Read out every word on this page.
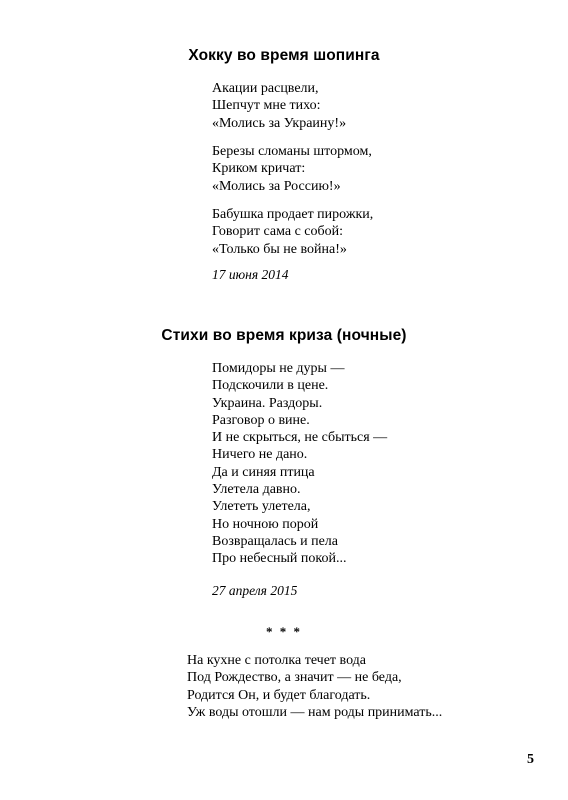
Хокку во время шопинга
Акации расцвели,
Шепчут мне тихо:
«Молись за Украину!»
Березы сломаны штормом,
Криком кричат:
«Молись за Россию!»
Бабушка продает пирожки,
Говорит сама с собой:
«Только бы не война!»
17 июня 2014
Стихи во время криза (ночные)
Помидоры не дуры —
Подскочили в цене.
Украина. Раздоры.
Разговор о вине.
И не скрыться, не сбыться —
Ничего не дано.
Да и синяя птица
Улетела давно.
Улететь улетела,
Но ночною порой
Возвращалась и пела
Про небесный покой...
27 апреля 2015
* * *
На кухне с потолка течет вода
Под Рождество, а значит — не беда,
Родится Он, и будет благодать.
Уж воды отошли — нам роды принимать...
5
